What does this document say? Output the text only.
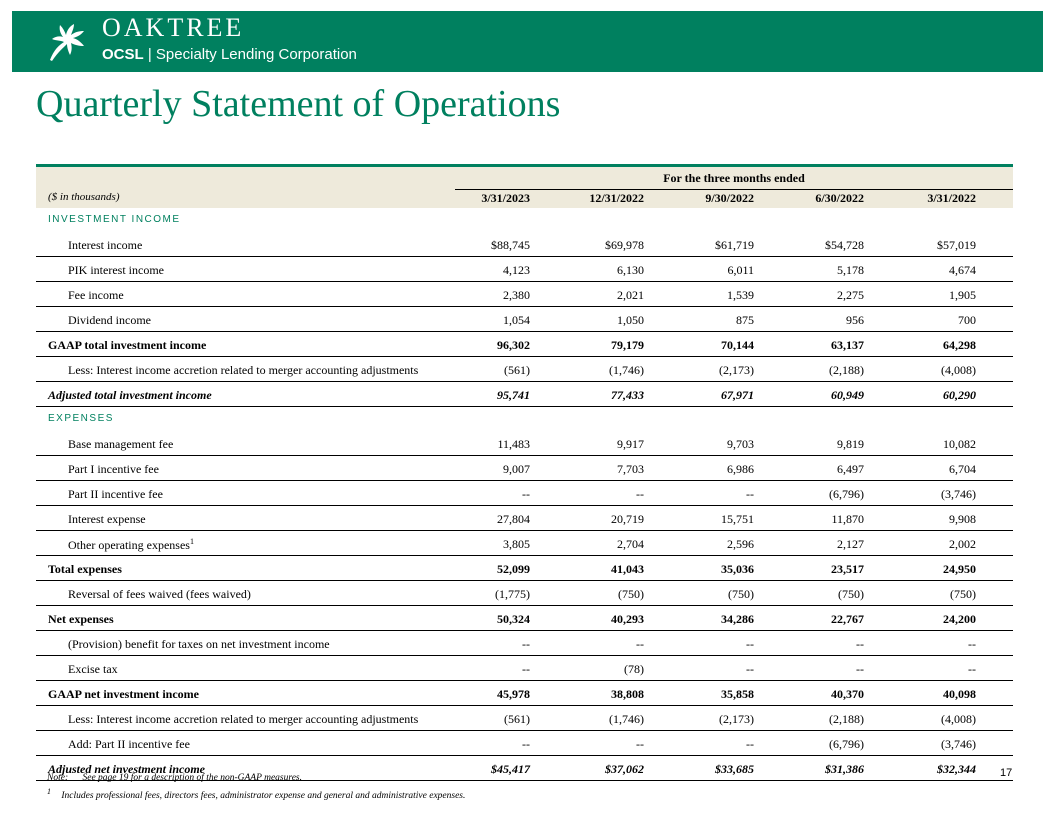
OAKTREE
OCSL | Specialty Lending Corporation
Quarterly Statement of Operations
For the three months ended
($ in thousands)	3/31/2023	12/31/2022	9/30/2022	6/30/2022	3/31/2022
INVESTMENT INCOME
Interest income	$88,745	$69,978	$61,719	$54,728	$57,019
PIK interest income	4,123	6,130	6,011	5,178	4,674
Fee income	2,380	2,021	1,539	2,275	1,905
Dividend income	1,054	1,050	875	956	700
GAAP total investment income	96,302	79,179	70,144	63,137	64,298
Less: Interest income accretion related to merger accounting adjustments	(561)	(1,746)	(2,173)	(2,188)	(4,008)
Adjusted total investment income	95,741	77,433	67,971	60,949	60,290
EXPENSES
Base management fee	11,483	9,917	9,703	9,819	10,082
Part I incentive fee	9,007	7,703	6,986	6,497	6,704
Part II incentive fee	--	--	--	(6,796)	(3,746)
Interest expense	27,804	20,719	15,751	11,870	9,908
Other operating expenses$^1$	3,805	2,704	2,596	2,127	2,002
Total expenses	52,099	41,043	35,036	23,517	24,950
Reversal of fees waived (fees waived)	(1,775)	(750)	(750)	(750)	(750)
Net expenses	50,324	40,293	34,286	22,767	24,200
(Provision) benefit for taxes on net investment income	--	--	--	--	--
Excise tax	--	(78)	--	--	--
GAAP net investment income	45,978	38,808	35,858	40,370	40,098
Less: Interest income accretion related to merger accounting adjustments	(561)	(1,746)	(2,173)	(2,188)	(4,008)
Add: Part II incentive fee	--	--	--	(6,796)	(3,746)
Adjusted net investment income	$45,417	$37,062	$33,685	$31,386	$32,344
Note: See page 19 for a description of the non-GAAP measures.
$^1$ Includes professional fees, directors fees, administrator expense and general and administrative expenses.
17
